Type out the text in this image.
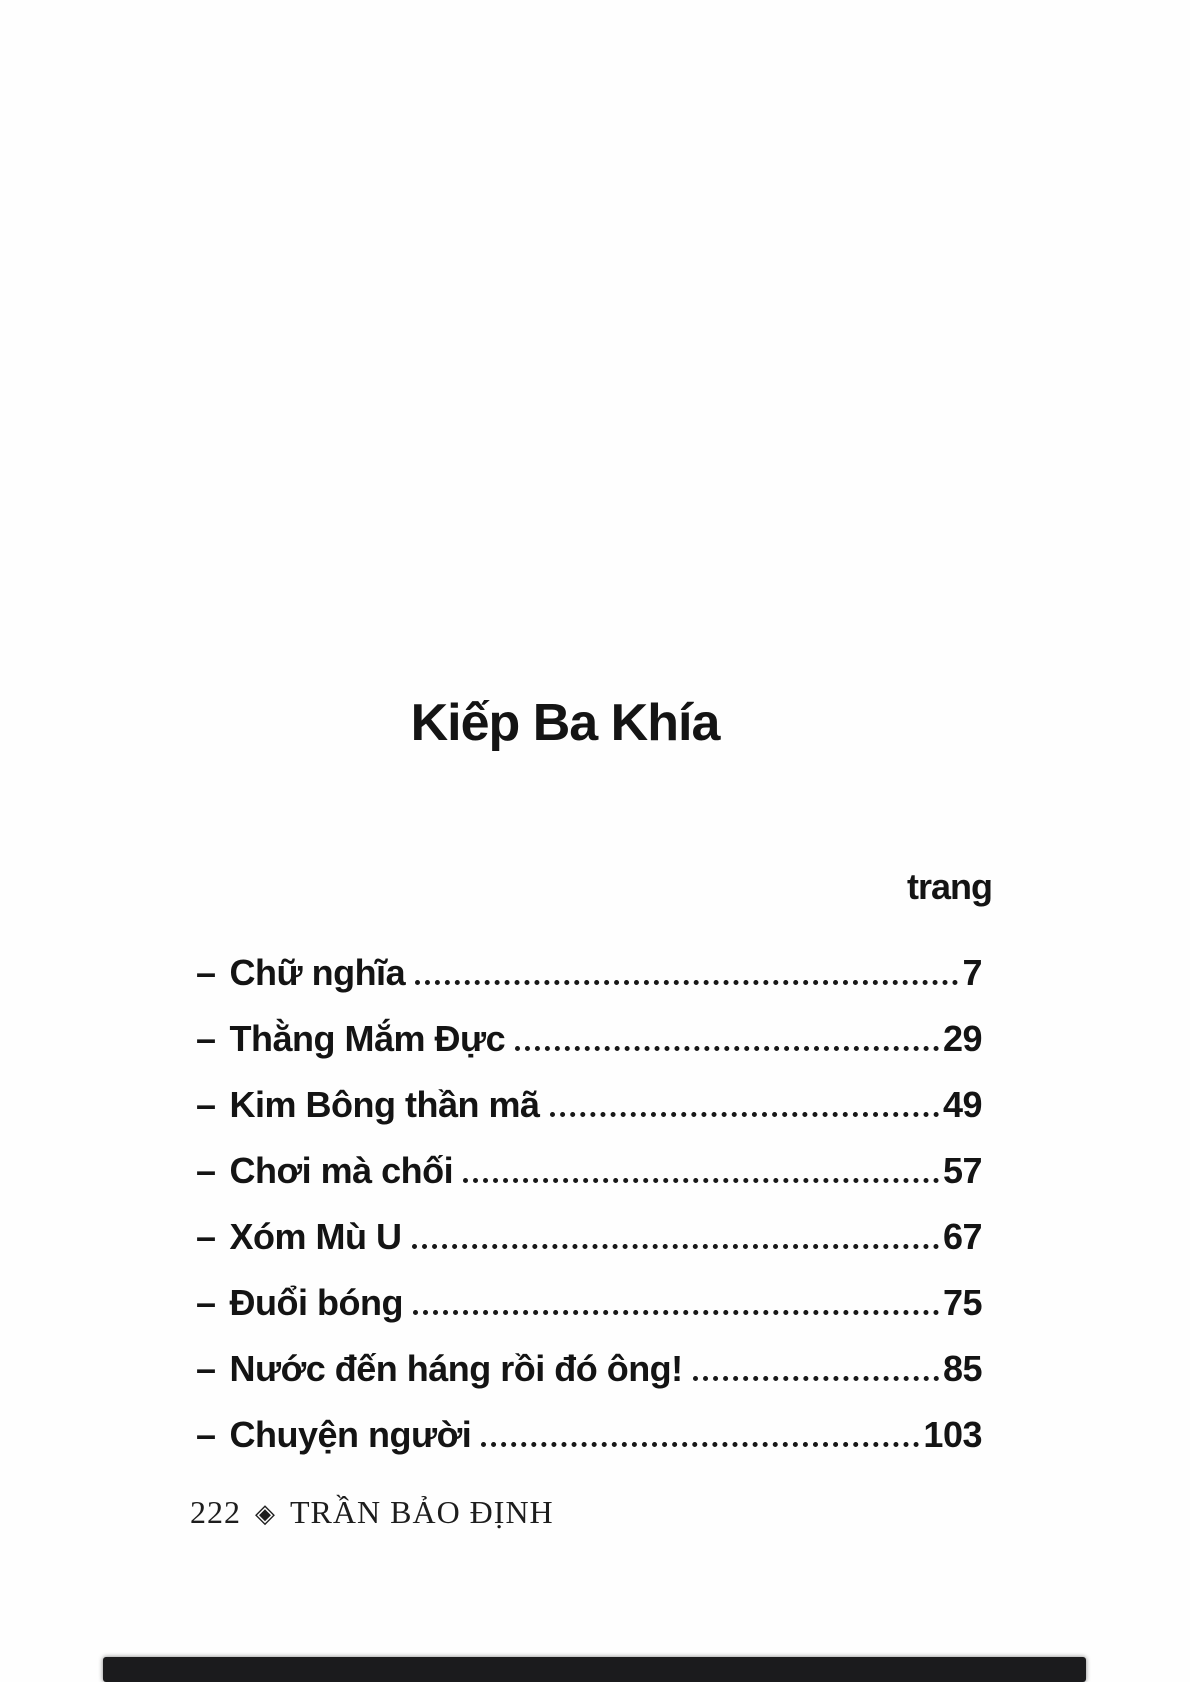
Kiếp Ba Khía
trang
– Chữ nghĩa	7
– Thằng Mắm Đực	29
– Kim Bông thần mã	49
– Chơi mà chối	57
– Xóm Mù U	67
– Đuổi bóng	75
– Nước đến háng rồi đó ông!	85
– Chuyện người	103
222 ◈ TRẦN BẢO ĐỊNH
